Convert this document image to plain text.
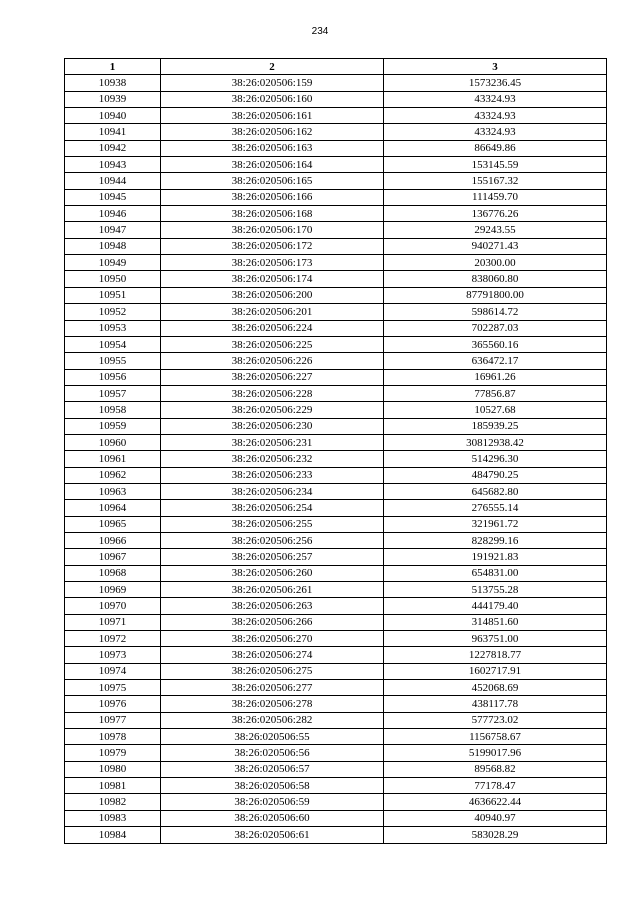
234
1	2	3
10938	38:26:020506:159	1573236.45
10939	38:26:020506:160	43324.93
10940	38:26:020506:161	43324.93
10941	38:26:020506:162	43324.93
10942	38:26:020506:163	86649.86
10943	38:26:020506:164	153145.59
10944	38:26:020506:165	155167.32
10945	38:26:020506:166	111459.70
10946	38:26:020506:168	136776.26
10947	38:26:020506:170	29243.55
10948	38:26:020506:172	940271.43
10949	38:26:020506:173	20300.00
10950	38:26:020506:174	838060.80
10951	38:26:020506:200	87791800.00
10952	38:26:020506:201	598614.72
10953	38:26:020506:224	702287.03
10954	38:26:020506:225	365560.16
10955	38:26:020506:226	636472.17
10956	38:26:020506:227	16961.26
10957	38:26:020506:228	77856.87
10958	38:26:020506:229	10527.68
10959	38:26:020506:230	185939.25
10960	38:26:020506:231	30812938.42
10961	38:26:020506:232	514296.30
10962	38:26:020506:233	484790.25
10963	38:26:020506:234	645682.80
10964	38:26:020506:254	276555.14
10965	38:26:020506:255	321961.72
10966	38:26:020506:256	828299.16
10967	38:26:020506:257	191921.83
10968	38:26:020506:260	654831.00
10969	38:26:020506:261	513755.28
10970	38:26:020506:263	444179.40
10971	38:26:020506:266	314851.60
10972	38:26:020506:270	963751.00
10973	38:26:020506:274	1227818.77
10974	38:26:020506:275	1602717.91
10975	38:26:020506:277	452068.69
10976	38:26:020506:278	438117.78
10977	38:26:020506:282	577723.02
10978	38:26:020506:55	1156758.67
10979	38:26:020506:56	5199017.96
10980	38:26:020506:57	89568.82
10981	38:26:020506:58	77178.47
10982	38:26:020506:59	4636622.44
10983	38:26:020506:60	40940.97
10984	38:26:020506:61	583028.29
